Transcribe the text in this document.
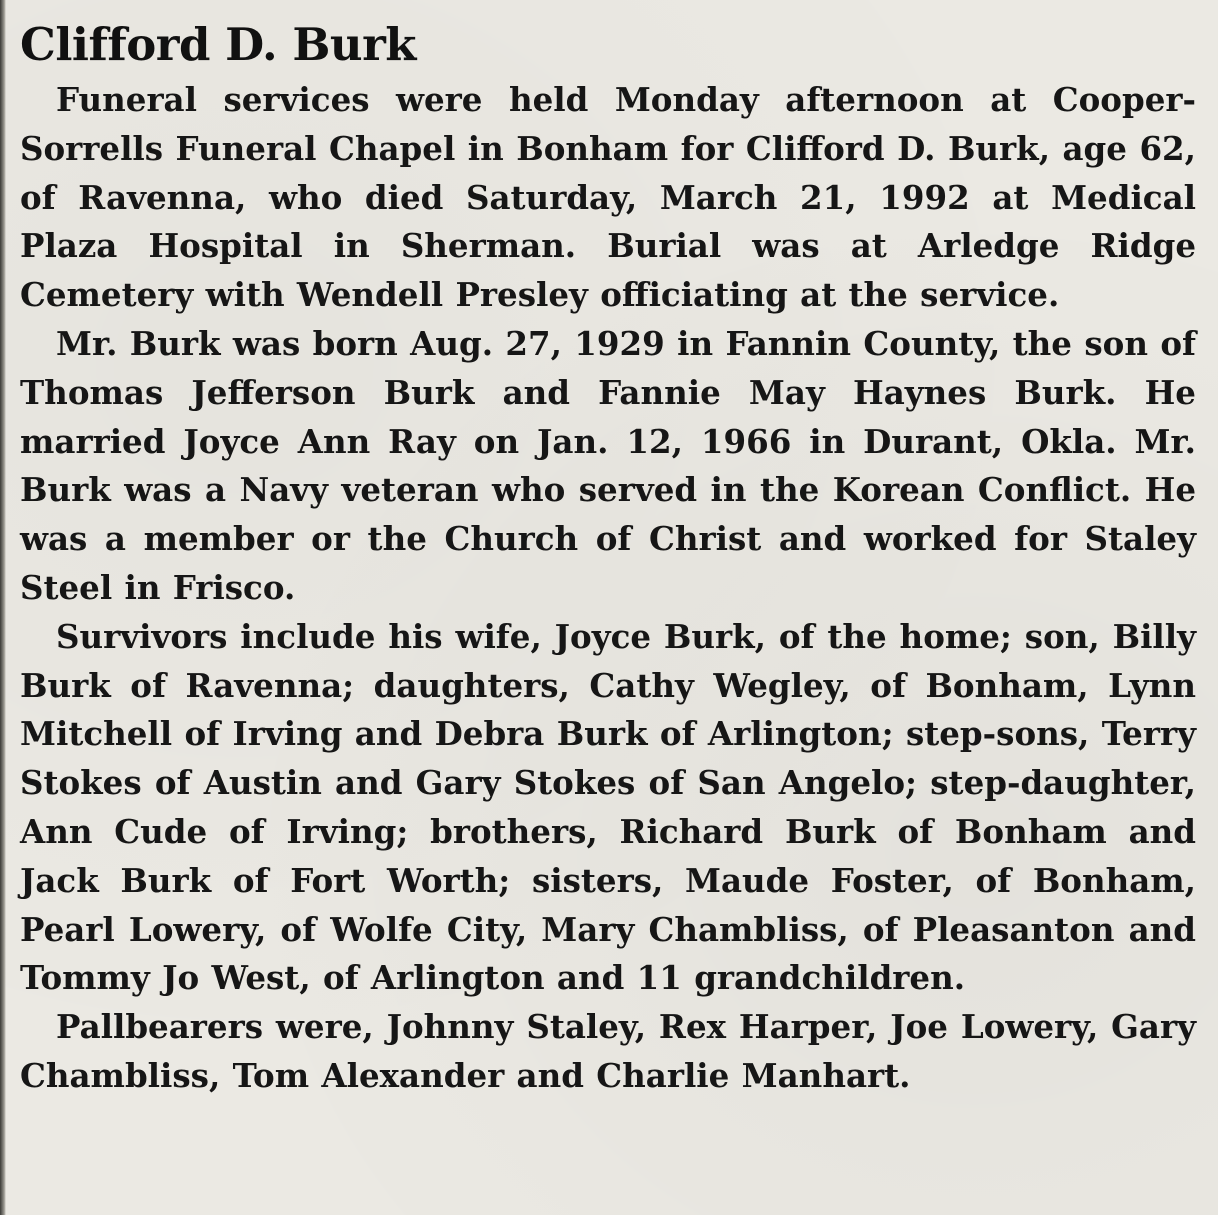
Clifford D. Burk

Funeral services were held Monday afternoon at Cooper-Sorrells Funeral Chapel in Bonham for Clifford D. Burk, age 62, of Ravenna, who died Saturday, March 21, 1992 at Medical Plaza Hospital in Sherman. Burial was at Arledge Ridge Cemetery with Wendell Presley officiating at the service.

Mr. Burk was born Aug. 27, 1929 in Fannin County, the son of Thomas Jefferson Burk and Fannie May Haynes Burk. He married Joyce Ann Ray on Jan. 12, 1966 in Durant, Okla. Mr. Burk was a Navy veteran who served in the Korean Conflict. He was a member or the Church of Christ and worked for Staley Steel in Frisco.

Survivors include his wife, Joyce Burk, of the home; son, Billy Burk of Ravenna; daughters, Cathy Wegley, of Bonham, Lynn Mitchell of Irving and Debra Burk of Arlington; step-sons, Terry Stokes of Austin and Gary Stokes of San Angelo; step-daughter, Ann Cude of Irving; brothers, Richard Burk of Bonham and Jack Burk of Fort Worth; sisters, Maude Foster, of Bonham, Pearl Lowery, of Wolfe City, Mary Chambliss, of Pleasanton and Tommy Jo West, of Arlington and 11 grandchildren.

Pallbearers were, Johnny Staley, Rex Harper, Joe Lowery, Gary Chambliss, Tom Alexander and Charlie Manhart.
